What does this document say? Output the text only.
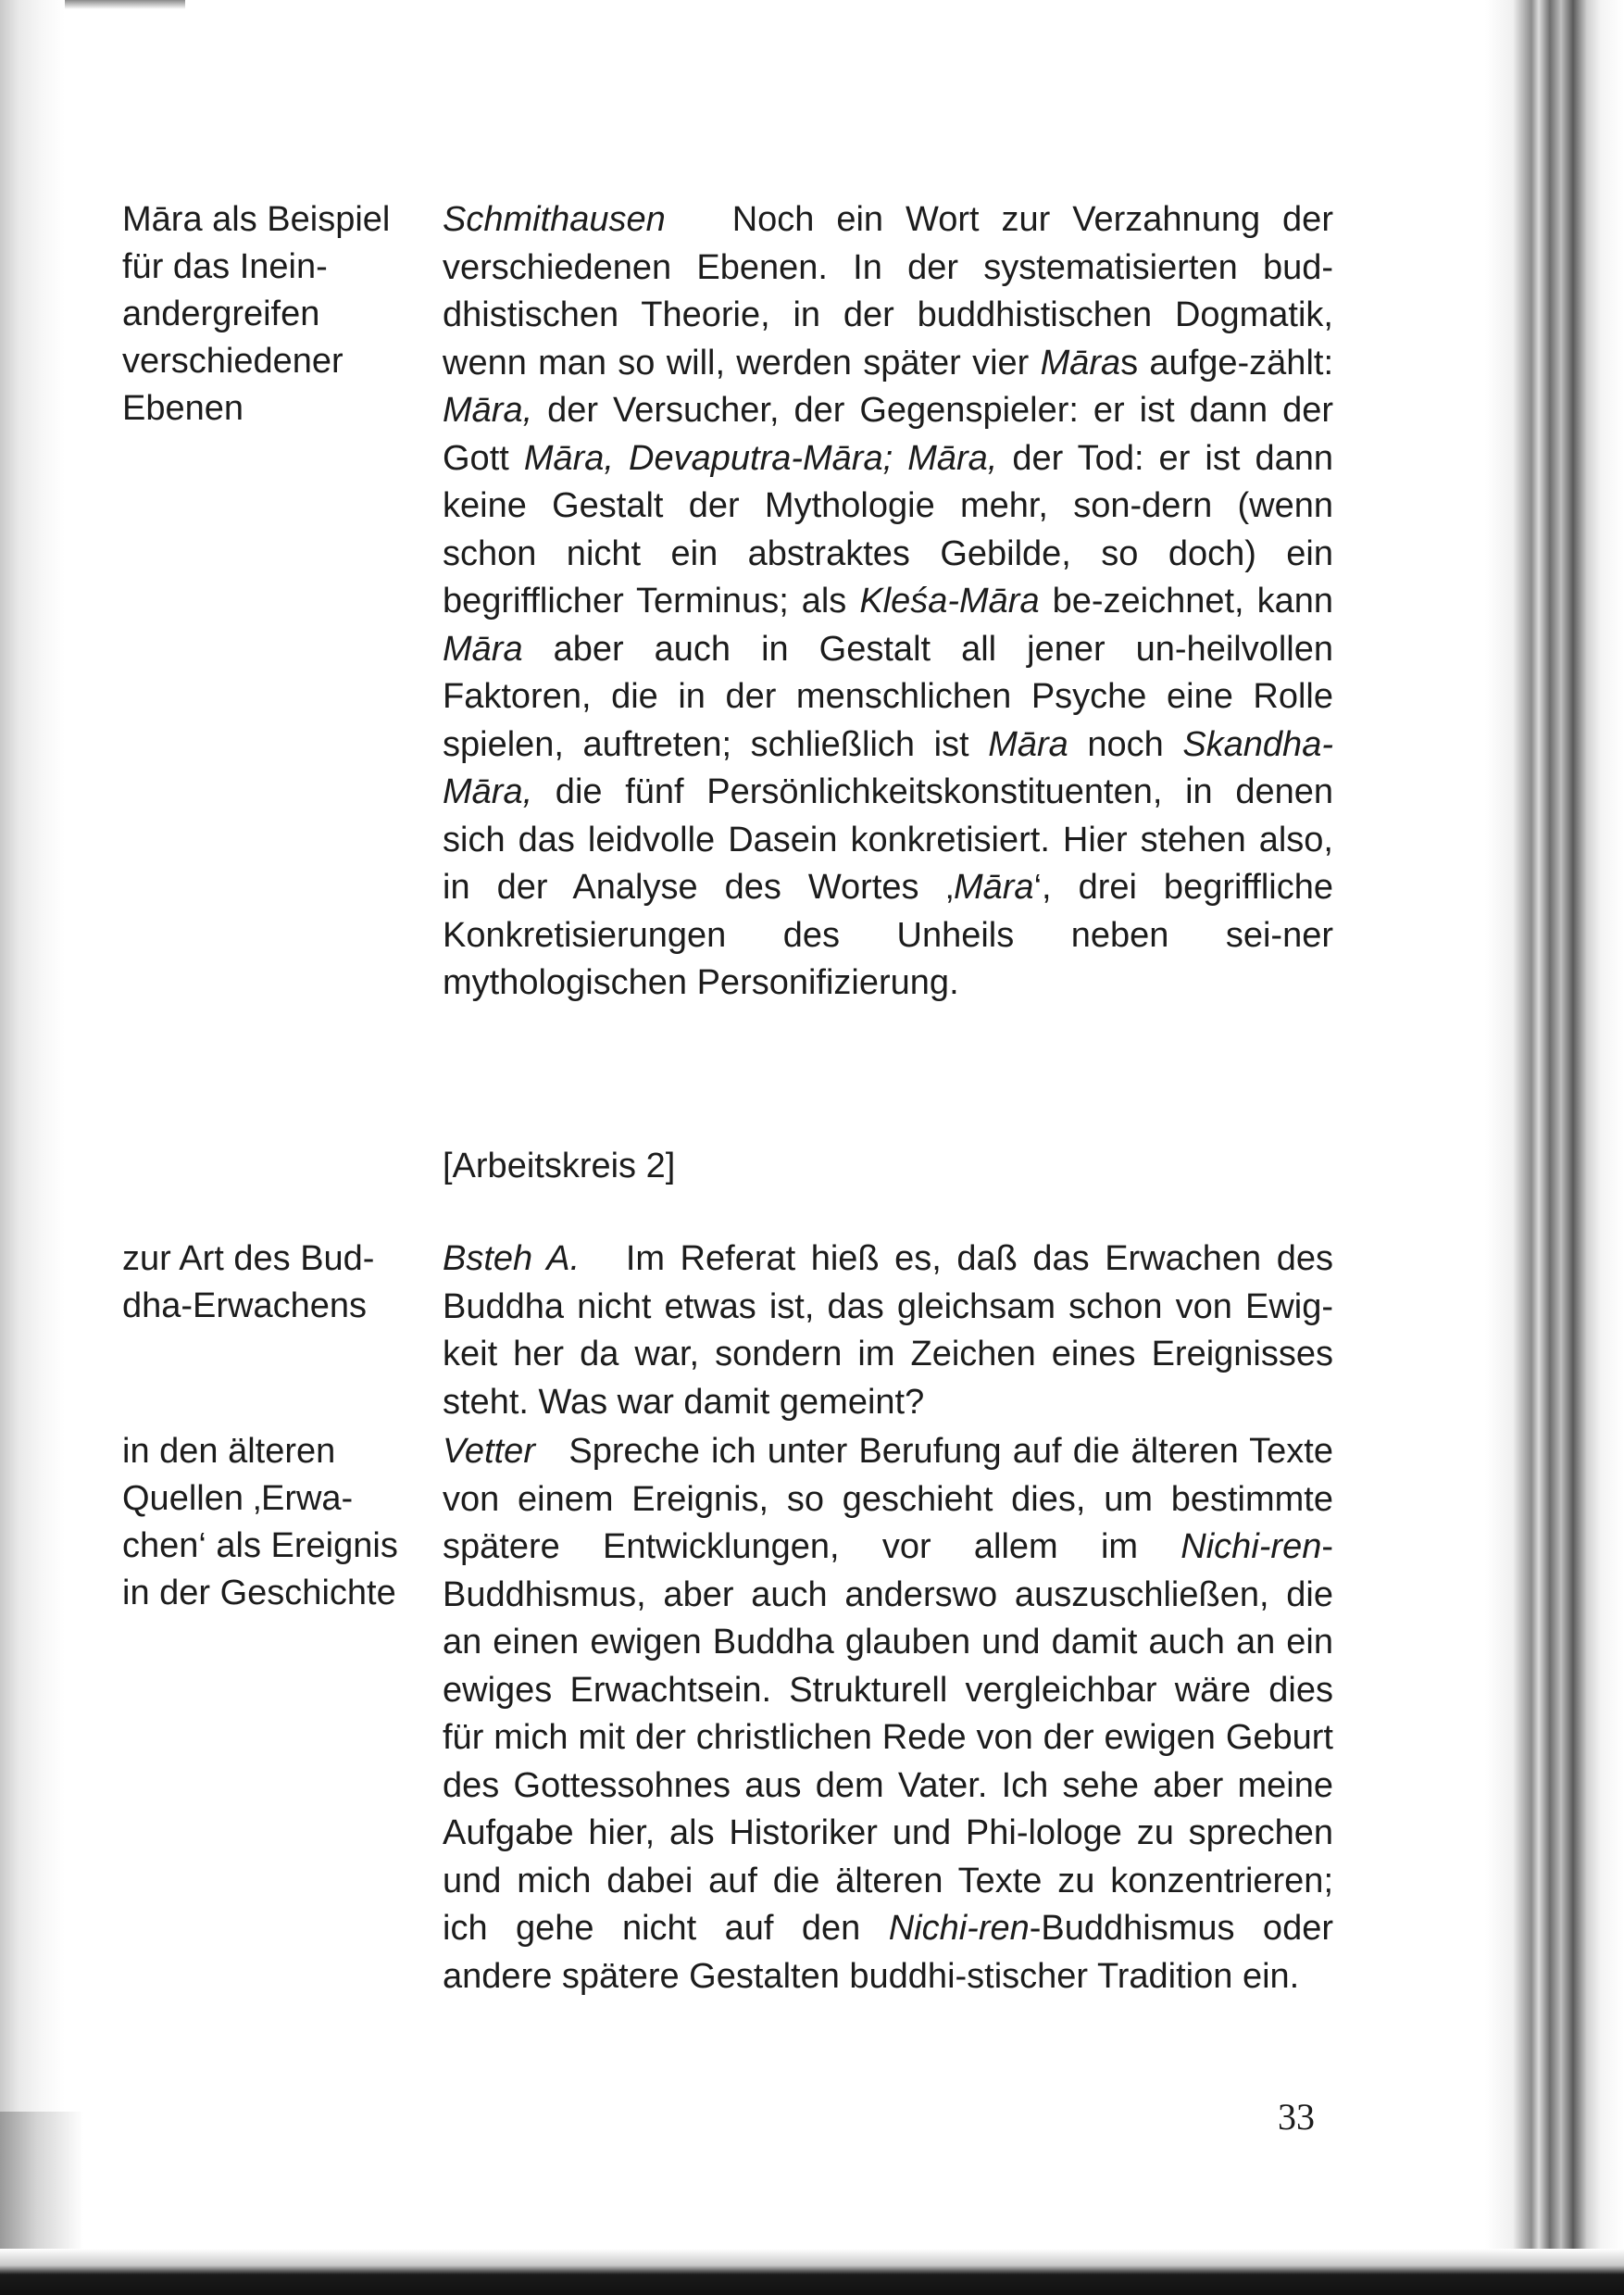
Māra als Beispiel für das Inein-andergreifen verschiedener Ebenen
Schmithausen Noch ein Wort zur Verzahnung der verschiedenen Ebenen. In der systematisierten bud-dhistischen Theorie, in der buddhistischen Dogmatik, wenn man so will, werden später vier Māras aufge-zählt: Māra, der Versucher, der Gegenspieler: er ist dann der Gott Māra, Devaputra-Māra; Māra, der Tod: er ist dann keine Gestalt der Mythologie mehr, son-dern (wenn schon nicht ein abstraktes Gebilde, so doch) ein begrifflicher Terminus; als Kleśa-Māra be-zeichnet, kann Māra aber auch in Gestalt all jener un-heilvollen Faktoren, die in der menschlichen Psyche eine Rolle spielen, auftreten; schließlich ist Māra noch Skandha-Māra, die fünf Persönlichkeitskonstituenten, in denen sich das leidvolle Dasein konkretisiert. Hier stehen also, in der Analyse des Wortes ‚Māra‘, drei begriffliche Konkretisierungen des Unheils neben sei-ner mythologischen Personifizierung.
[Arbeitskreis 2]
zur Art des Bud-dha-Erwachens
Bsteh A. Im Referat hieß es, daß das Erwachen des Buddha nicht etwas ist, das gleichsam schon von Ewig-keit her da war, sondern im Zeichen eines Ereignisses steht. Was war damit gemeint?
in den älteren Quellen ‚Erwa-chen‘ als Ereignis in der Geschichte
Vetter Spreche ich unter Berufung auf die älteren Texte von einem Ereignis, so geschieht dies, um bestimmte spätere Entwicklungen, vor allem im Nichi-ren-Buddhismus, aber auch anderswo auszuschließen, die an einen ewigen Buddha glauben und damit auch an ein ewiges Erwachtsein. Strukturell vergleichbar wäre dies für mich mit der christlichen Rede von der ewigen Geburt des Gottessohnes aus dem Vater. Ich sehe aber meine Aufgabe hier, als Historiker und Phi-lologe zu sprechen und mich dabei auf die älteren Texte zu konzentrieren; ich gehe nicht auf den Nichi-ren-Buddhismus oder andere spätere Gestalten buddhi-stischer Tradition ein.
33
